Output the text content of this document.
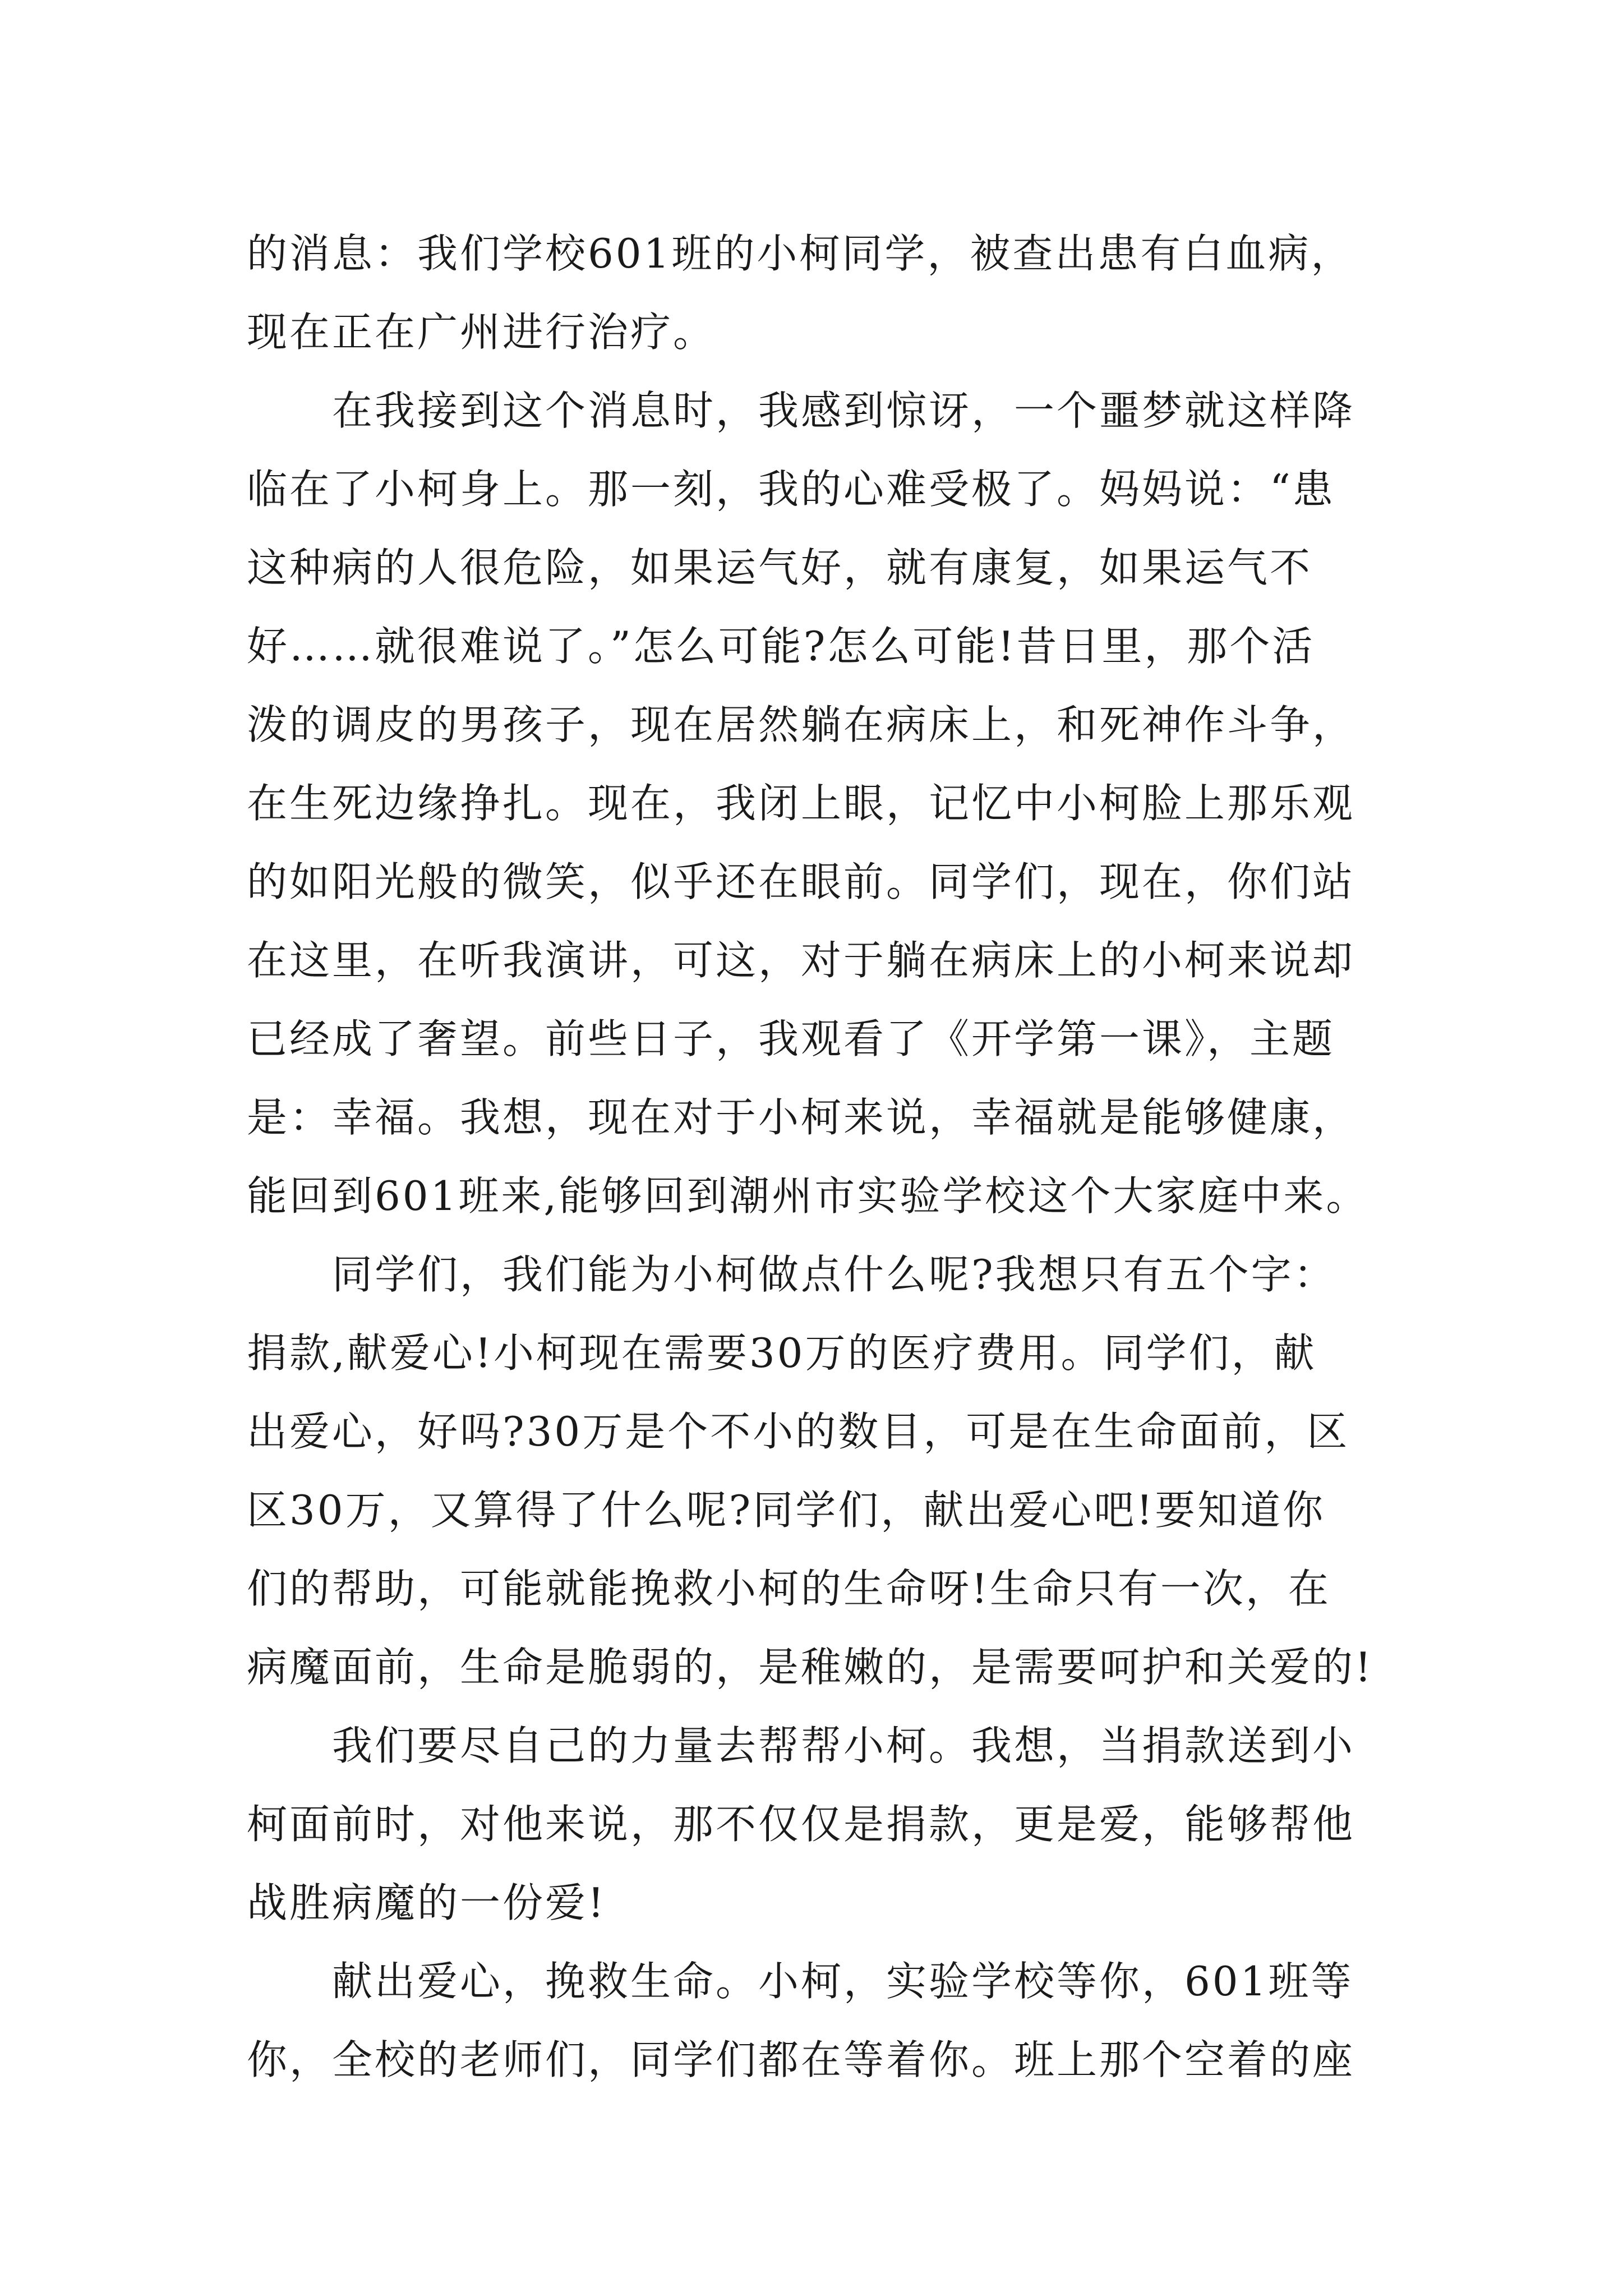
的消息：我们学校601班的小柯同学，被查出患有白血病，
现在正在广州进行治疗。
　　在我接到这个消息时，我感到惊讶，一个噩梦就这样降
临在了小柯身上。那一刻，我的心难受极了。妈妈说：“患
这种病的人很危险，如果运气好，就有康复，如果运气不
好……就很难说了。”怎么可能?怎么可能!昔日里，那个活
泼的调皮的男孩子，现在居然躺在病床上，和死神作斗争，
在生死边缘挣扎。现在，我闭上眼，记忆中小柯脸上那乐观
的如阳光般的微笑，似乎还在眼前。同学们，现在，你们站
在这里，在听我演讲，可这，对于躺在病床上的小柯来说却
已经成了奢望。前些日子，我观看了《开学第一课》，主题
是：幸福。我想，现在对于小柯来说，幸福就是能够健康，
能回到601班来,能够回到潮州市实验学校这个大家庭中来。
　　同学们，我们能为小柯做点什么呢?我想只有五个字：
捐款,献爱心!小柯现在需要30万的医疗费用。同学们，献
出爱心，好吗?30万是个不小的数目，可是在生命面前，区
区30万，又算得了什么呢?同学们，献出爱心吧!要知道你
们的帮助，可能就能挽救小柯的生命呀!生命只有一次，在
病魔面前，生命是脆弱的，是稚嫩的，是需要呵护和关爱的!
　　我们要尽自己的力量去帮帮小柯。我想，当捐款送到小
柯面前时，对他来说，那不仅仅是捐款，更是爱，能够帮他
战胜病魔的一份爱!
　　献出爱心，挽救生命。小柯，实验学校等你，601班等
你，全校的老师们，同学们都在等着你。班上那个空着的座
